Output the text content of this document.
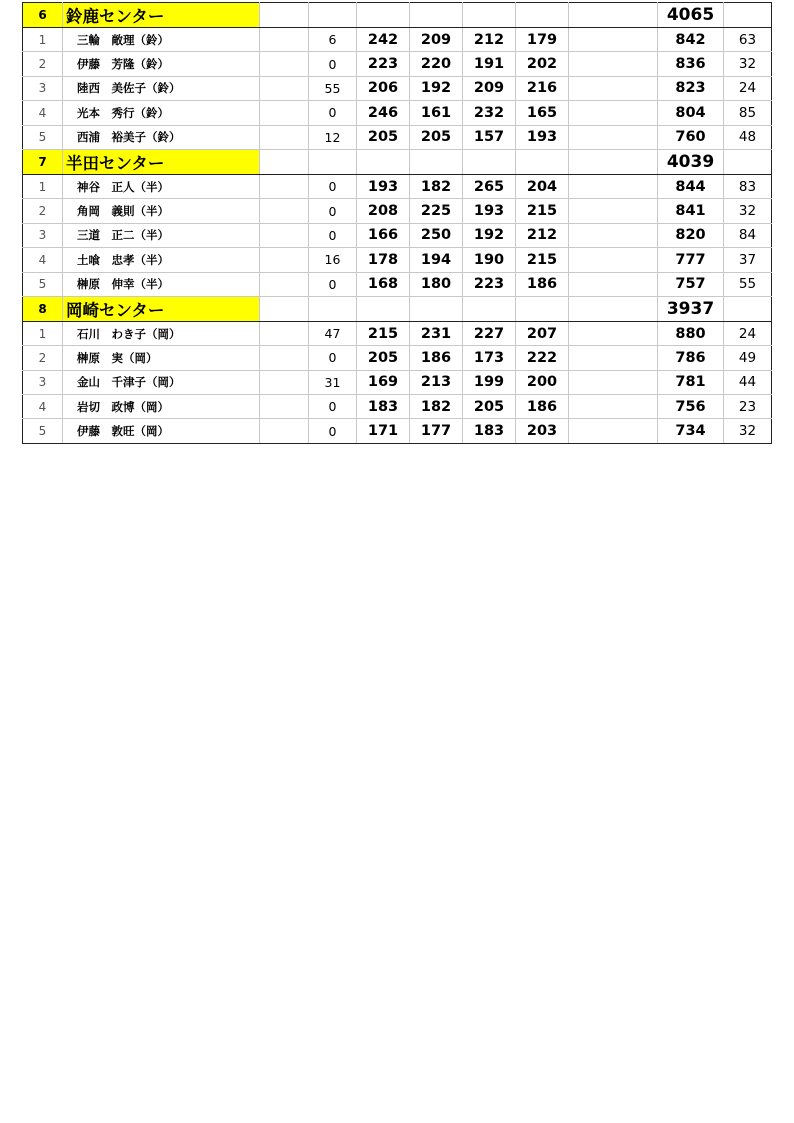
6	鈴鹿センター								4065	
1	三輪　敞理（鈴）		6	242	209	212	179		842	63
2	伊藤　芳隆（鈴）		0	223	220	191	202		836	32
3	陸西　美佐子（鈴）		55	206	192	209	216		823	24
4	光本　秀行（鈴）		0	246	161	232	165		804	85
5	西浦　裕美子（鈴）		12	205	205	157	193		760	48
7	半田センター								4039	
1	神谷　正人（半）		0	193	182	265	204		844	83
2	角岡　義則（半）		0	208	225	193	215		841	32
3	三道　正二（半）		0	166	250	192	212		820	84
4	土喰　忠孝（半）		16	178	194	190	215		777	37
5	榊原　伸幸（半）		0	168	180	223	186		757	55
8	岡崎センター								3937	
1	石川　わき子（岡）		47	215	231	227	207		880	24
2	榊原　実（岡）		0	205	186	173	222		786	49
3	金山　千津子（岡）		31	169	213	199	200		781	44
4	岩切　政博（岡）		0	183	182	205	186		756	23
5	伊藤　敦旺（岡）		0	171	177	183	203		734	32
